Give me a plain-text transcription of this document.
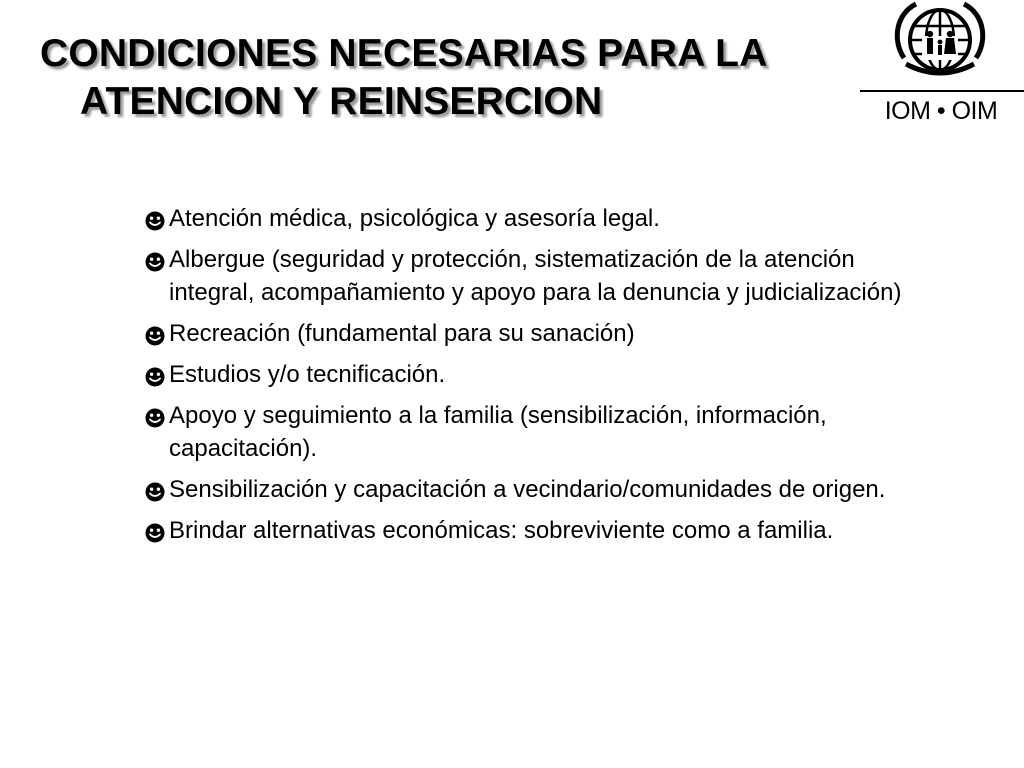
CONDICIONES NECESARIAS PARA LA
ATENCION Y REINSERCION	IOM • OIM
Atención médica, psicológica y asesoría legal.
Albergue (seguridad y protección, sistematización de la atención integral, acompañamiento y apoyo para la denuncia y judicialización)
Recreación (fundamental para su sanación)
Estudios y/o tecnificación.
Apoyo y seguimiento a la familia (sensibilización, información, capacitación).
Sensibilización y capacitación a vecindario/comunidades de origen.
Brindar alternativas económicas: sobreviviente como a familia.
